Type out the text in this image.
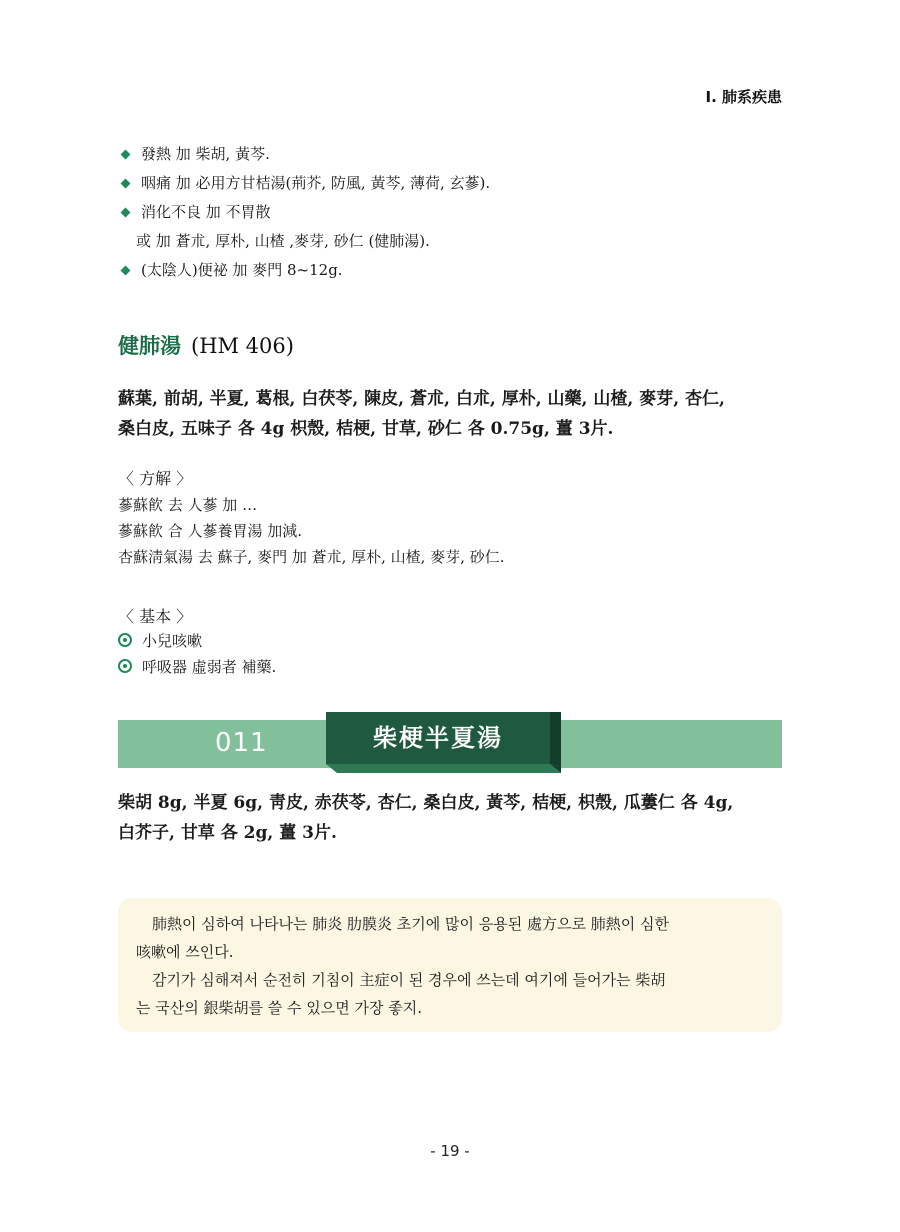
Ⅰ. 肺系疾患
發熱 加 柴胡, 黃芩.
咽痛 加 必用方甘桔湯(荊芥, 防風, 黃芩, 薄荷, 玄蔘).
消化不良 加 不胃散
或 加 蒼朮, 厚朴, 山楂 ,麥芽, 砂仁 (健肺湯).
(太陰人)便祕 加 麥門 8~12g.
健肺湯 (HM 406)
蘇葉, 前胡, 半夏, 葛根, 白茯苓, 陳皮, 蒼朮, 白朮, 厚朴, 山藥, 山楂, 麥芽, 杏仁,
桑白皮, 五味子 各 4g 枳殼, 桔梗, 甘草, 砂仁 各 0.75g, 薑 3片.
〈 方解 〉
蔘蘇飮 去 人蔘 加 …
蔘蘇飮 合 人蔘養胃湯 加減.
杏蘇淸氣湯 去 蘇子, 麥門 加 蒼朮, 厚朴, 山楂, 麥芽, 砂仁.
〈 基本 〉
小兒咳嗽
呼吸器 虛弱者 補藥.
011	柴梗半夏湯
柴胡 8g, 半夏 6g, 靑皮, 赤茯苓, 杏仁, 桑白皮, 黃芩, 桔梗, 枳殼, 瓜蔞仁 各 4g,
白芥子, 甘草 各 2g, 薑 3片.
肺熱이 심하여 나타나는 肺炎 肋膜炎 초기에 많이 응용된 處方으로 肺熱이 심한
咳嗽에 쓰인다.
감기가 심해져서 순전히 기침이 主症이 된 경우에 쓰는데 여기에 들어가는 柴胡
는 국산의 銀柴胡를 쓸 수 있으면 가장 좋지.
- 19 -
